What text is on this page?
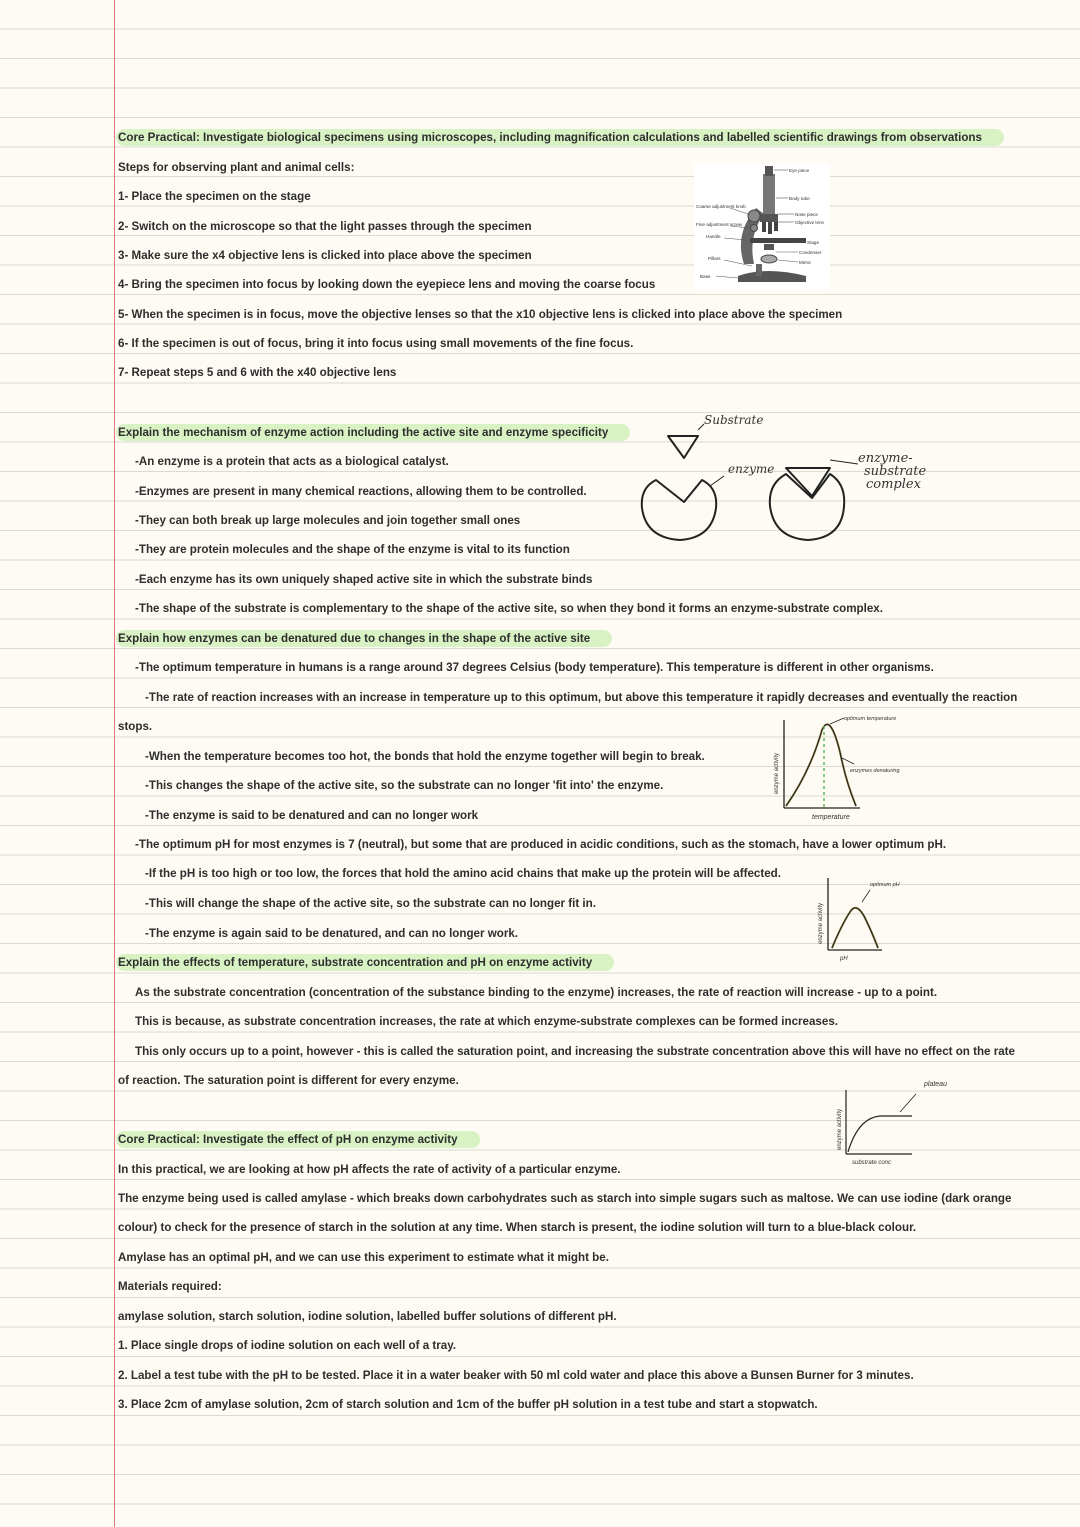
Core Practical: Investigate biological specimens using microscopes, including magnification calculations and labelled scientific drawings from observations
Steps for observing plant and animal cells:
1- Place the specimen on the stage
2- Switch on the microscope so that the light passes through the specimen
3- Make sure the x4 objective lens is clicked into place above the specimen
4- Bring the specimen into focus by looking down the eyepiece lens and moving the coarse focus
5- When the specimen is in focus, move the objective lenses so that the x10 objective lens is clicked into place above the specimen
6- If the specimen is out of focus, bring it into focus using small movements of the fine focus.
7- Repeat steps 5 and 6 with the x40 objective lens
Eye piece
Body tube
Nose piece
Objective lens
Coarse adjustment knob
Fine adjustment screw
Handle
Stage
Condenser
Mirror
Pillars
Base
Explain the mechanism of enzyme action including the active site and enzyme specificity
-An enzyme is a protein that acts as a biological catalyst.
-Enzymes are present in many chemical reactions, allowing them to be controlled.
-They can both break up large molecules and join together small ones
-They are protein molecules and the shape of the enzyme is vital to its function
-Each enzyme has its own uniquely shaped active site in which the substrate binds
-The shape of the substrate is complementary to the shape of the active site, so when they bond it forms an enzyme-substrate complex.
Substrate
enzyme
enzyme-
substrate
complex
Explain how enzymes can be denatured due to changes in the shape of the active site
-The optimum temperature in humans is a range around 37 degrees Celsius (body temperature). This temperature is different in other organisms.
-The rate of reaction increases with an increase in temperature up to this optimum, but above this temperature it rapidly decreases and eventually the reaction
stops.
-When the temperature becomes too hot, the bonds that hold the enzyme together will begin to break.
-This changes the shape of the active site, so the substrate can no longer 'fit into' the enzyme.
-The enzyme is said to be denatured and can no longer work
-The optimum pH for most enzymes is 7 (neutral), but some that are produced in acidic conditions, such as the stomach, have a lower optimum pH.
-If the pH is too high or too low, the forces that hold the amino acid chains that make up the protein will be affected.
-This will change the shape of the active site, so the substrate can no longer fit in.
-The enzyme is again said to be denatured, and can no longer work.
enzyme activity
temperature
optimum temperature
enzymes denaturing
enzyme activity
pH
optimum pH
Explain the effects of temperature, substrate concentration and pH on enzyme activity
As the substrate concentration (concentration of the substance binding to the enzyme) increases, the rate of reaction will increase - up to a point.
This is because, as substrate concentration increases, the rate at which enzyme-substrate complexes can be formed increases.
This only occurs up to a point, however - this is called the saturation point, and increasing the substrate concentration above this will have no effect on the rate
of reaction. The saturation point is different for every enzyme.
enzyme activity
substrate conc
plateau
Core Practical: Investigate the effect of pH on enzyme activity
In this practical, we are looking at how pH affects the rate of activity of a particular enzyme.
The enzyme being used is called amylase - which breaks down carbohydrates such as starch into simple sugars such as maltose. We can use iodine (dark orange
colour) to check for the presence of starch in the solution at any time. When starch is present, the iodine solution will turn to a blue-black colour.
Amylase has an optimal pH, and we can use this experiment to estimate what it might be.
Materials required:
amylase solution, starch solution, iodine solution, labelled buffer solutions of different pH.
1. Place single drops of iodine solution on each well of a tray.
2. Label a test tube with the pH to be tested. Place it in a water beaker with 50 ml cold water and place this above a Bunsen Burner for 3 minutes.
3. Place 2cm of amylase solution, 2cm of starch solution and 1cm of the buffer pH solution in a test tube and start a stopwatch.
